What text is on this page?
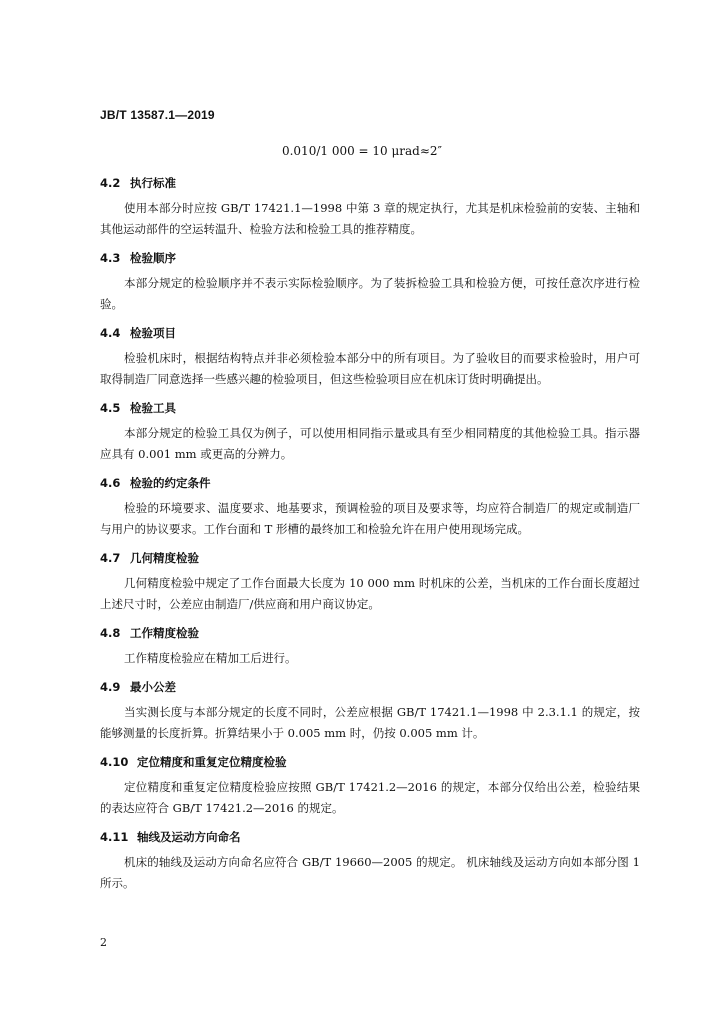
JB/T 13587.1—2019
0.010/1 000 = 10 μrad≈2″
4.2 执行标准

使用本部分时应按 GB/T 17421.1—1998 中第 3 章的规定执行，尤其是机床检验前的安装、主轴和其他运动部件的空运转温升、检验方法和检验工具的推荐精度。

4.3 检验顺序

本部分规定的检验顺序并不表示实际检验顺序。为了装拆检验工具和检验方便，可按任意次序进行检验。

4.4 检验项目

检验机床时，根据结构特点并非必须检验本部分中的所有项目。为了验收目的而要求检验时，用户可取得制造厂同意选择一些感兴趣的检验项目，但这些检验项目应在机床订货时明确提出。

4.5 检验工具

本部分规定的检验工具仅为例子，可以使用相同指示量或具有至少相同精度的其他检验工具。指示器应具有 0.001 mm 或更高的分辨力。

4.6 检验的约定条件

检验的环境要求、温度要求、地基要求，预调检验的项目及要求等，均应符合制造厂的规定或制造厂与用户的协议要求。工作台面和 T 形槽的最终加工和检验允许在用户使用现场完成。

4.7 几何精度检验

几何精度检验中规定了工作台面最大长度为 10 000 mm 时机床的公差，当机床的工作台面长度超过上述尺寸时，公差应由制造厂/供应商和用户商议协定。

4.8 工作精度检验

工作精度检验应在精加工后进行。

4.9 最小公差

当实测长度与本部分规定的长度不同时，公差应根据 GB/T 17421.1—1998 中 2.3.1.1 的规定，按能够测量的长度折算。折算结果小于 0.005 mm 时，仍按 0.005 mm 计。

4.10 定位精度和重复定位精度检验

定位精度和重复定位精度检验应按照 GB/T 17421.2—2016 的规定，本部分仅给出公差，检验结果的表达应符合 GB/T 17421.2—2016 的规定。

4.11 轴线及运动方向命名

机床的轴线及运动方向命名应符合 GB/T 19660—2005 的规定。 机床轴线及运动方向如本部分图 1 所示。

2
